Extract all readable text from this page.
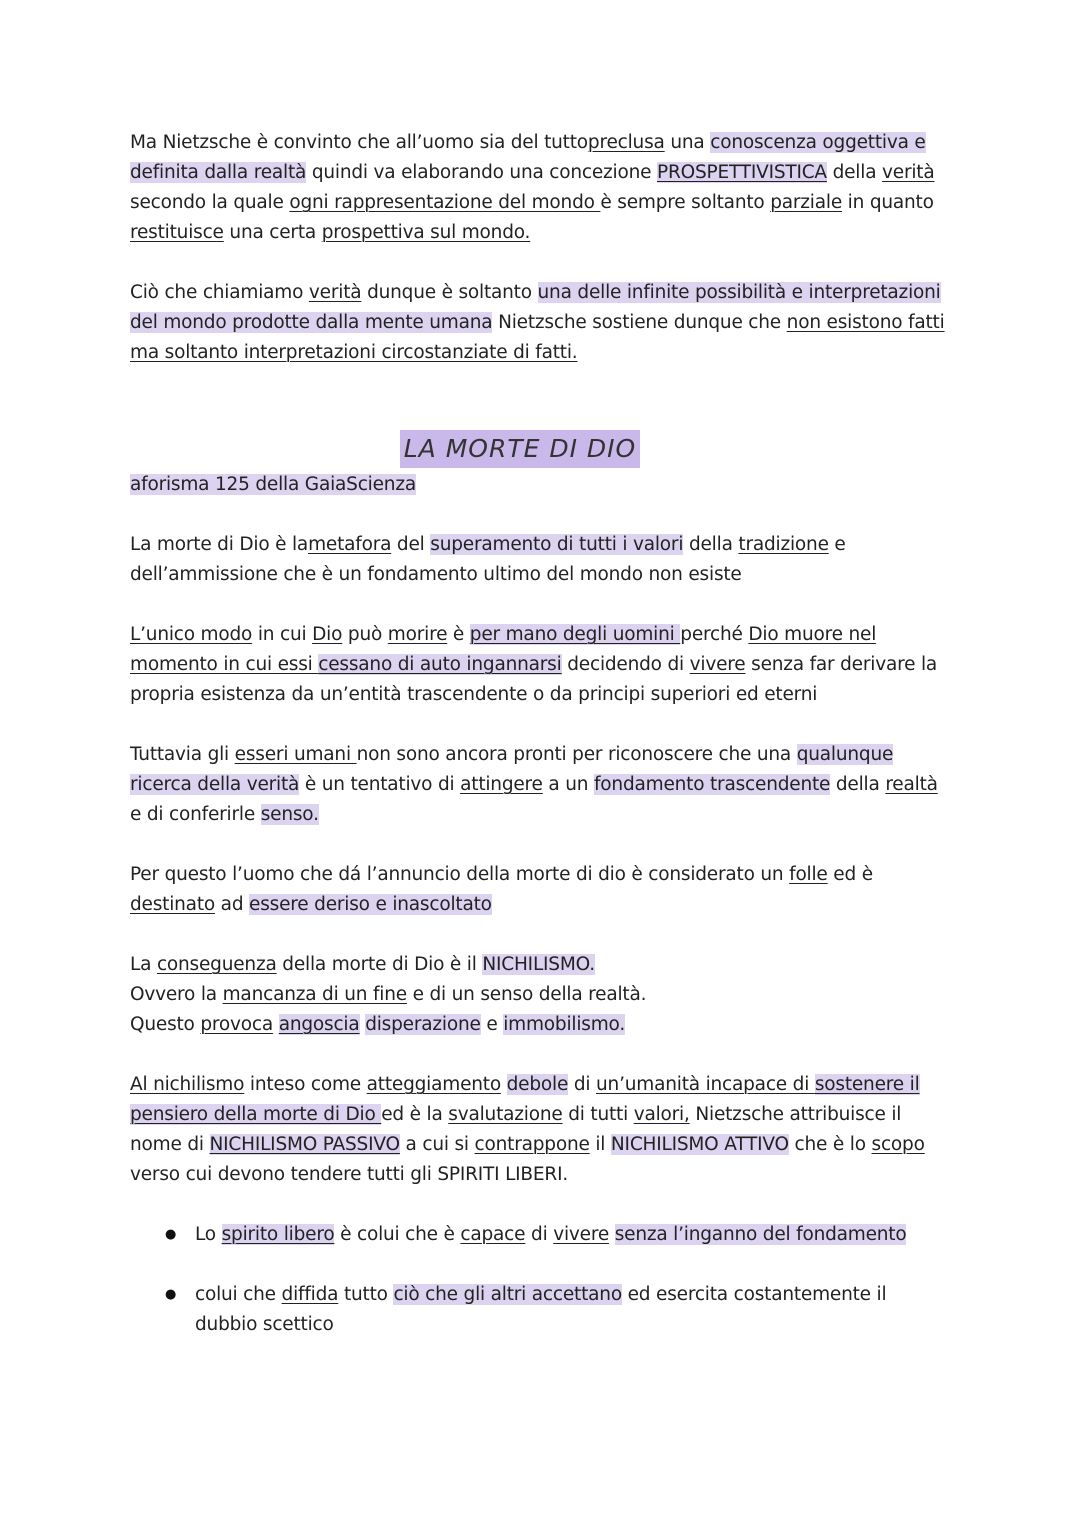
Ma Nietzsche è convinto che all’uomo sia del tuttopreclusa una conoscenza oggettiva e definita dalla realtà quindi va elaborando una concezione PROSPETTIVISTICA della verità secondo la quale ogni rappresentazione del mondo è sempre soltanto parziale in quanto restituisce una certa prospettiva sul mondo.

Ciò che chiamiamo verità dunque è soltanto una delle infinite possibilità e interpretazioni del mondo prodotte dalla mente umana Nietzsche sostiene dunque che non esistono fatti ma soltanto interpretazioni circostanziate di fatti.

LA MORTE DI DIO

aforisma 125 della GaiaScienza

La morte di Dio è lametafora del superamento di tutti i valori della tradizione e dell’ammissione che è un fondamento ultimo del mondo non esiste

L’unico modo in cui Dio può morire è per mano degli uomini perché Dio muore nel momento in cui essi cessano di auto ingannarsi decidendo di vivere senza far derivare la propria esistenza da un’entità trascendente o da principi superiori ed eterni

Tuttavia gli esseri umani non sono ancora pronti per riconoscere che una qualunque ricerca della verità è un tentativo di attingere a un fondamento trascendente della realtà e di conferirle senso.

Per questo l’uomo che dá l’annuncio della morte di dio è considerato un folle ed è destinato ad essere deriso e inascoltato

La conseguenza della morte di Dio è il NICHILISMO.
Ovvero la mancanza di un fine e di un senso della realtà.
Questo provoca angoscia disperazione e immobilismo.

Al nichilismo inteso come atteggiamento debole di un’umanità incapace di sostenere il pensiero della morte di Dio ed è la svalutazione di tutti valori, Nietzsche attribuisce il nome di NICHILISMO PASSIVO a cui si contrappone il NICHILISMO ATTIVO che è lo scopo verso cui devono tendere tutti gli SPIRITI LIBERI.

● Lo spirito libero è colui che è capace di vivere senza l’inganno del fondamento
● colui che diffida tutto ciò che gli altri accettano ed esercita costantemente il dubbio scettico
